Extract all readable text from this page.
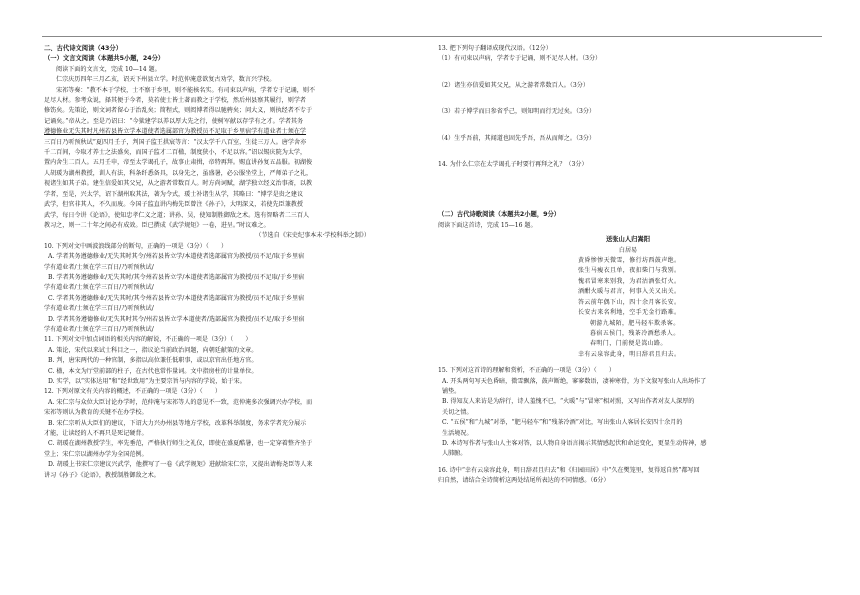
二、古代诗文阅读（43分）
（一）文言文阅读（本题共5小题，24分）
阅读下面的文言文，完成 10—14 题。
仁宗庆历四年三月乙亥，诏天下州县立学。时范仲淹意欲复古劝学，数言兴学校。
宋祁等奏：“教不本于学校，士不察于乡里，则不能核名实。有司束以声病，学者专于记诵，则不
足尽人材。参考众说，择其便于今者，莫若使士皆土著而教之于学校，然后州县察其履行，则学者
修饬矣。先策论，则文词者留心于治乱矣；简程式，则闳博者得以驰骋矣；问大义，则执经者不专于
记诵矣。”帝从之。至是乃诏曰：“今狱建学以养以厚大先之行，使树军献以存学有之才。学者其务
遵德修业无失其时凡州若县皆立学本道使者选属部官为教授员不足取于乡里宿学有道业者士须在学
三百日乃听预秋试”夏四月壬子，判国子监王拱宸等言：“汉太学千八百室，生徒三万人。唐学舍亦
千二百间，今取才养士之法盛矣，而国子监才二百楹，制度狭小，不足以容。”诏以锡庆院为太学，
置内舍生二百人。五月壬申，帝至太学谒孔子，故事止肃揖，帝特再拜。赐直讲孙复五品服。初湖俊
人胡瑗为湖州教授，训人有法，科条纤悉备具，以身先之，虽盛暑，必公服坐堂上，严师弟子之礼，
视诸生如其子弟。建生信爱如其父兄，从之游者常数百人。时方尚词赋，湖学独立经义治事斋，以教
学者，至是，兴太学，诏下湖州取其法，著为令式，瑗士补诸生从学，其略曰：“博学是贵之建议
武学，但官非其人，不久而废。今国子监直讲内梅先臣曾注《孙子》，大明深义，若使先臣兼教授
武学，每日令讲《论语》，使知忠孝仁义之道；讲孙、吴，使知制胜御敌之术。选有智略者二三百人
教习之，则一二十年之间必有成效。臣已撰成《武学规矩》一卷，进呈。”时议难之。
（节选自《宋史纪事本末·学校科举之制》）
10. 下列对文中画波浪线部分的断句，正确的一项是（3分）（　　）
A. 学者其务遵德修业/无失其时其令/州若县皆立学/本道使者选部属官为教授/员不足/取于乡里宿
学有道业者/士须在学三百日/乃听预秋试/
B. 学者其务遵德修业/无失其时/其令州若县皆立学/本道使者选部属官为教授/员不足取/于乡里宿
学有道业者/士须在学三百日/乃听预秋试/
C. 学者其务遵德修业/无失其时/其令州若县皆立学/本道使者选部属官为教授/员不足/取于乡里宿
学有道业者/士须在学三百日/乃听预秋试/
D. 学者其务遵德修业/无失其时其令/州若县皆立学本道使者/选部属官为教授/员不足/取于乡里宿
学有道业者/士须在学三百日/乃听预秋试/
11. 下列对文中加点词语的相关内容的解说，不正确的一项是（3分）（　　）
A. 策论，宋代以来试士科目之一，指议论当前政治问题，向朝廷献策的文章。
B. 判，唐宋两代的一种官制，多指以高位兼任低职事，或以京官出任地方官。
C. 楹，本文为厅堂前部的柱子，在古代也常作量词。文中指房柱的计量单位。
D. 实学，以“实体达用”和“经世致用”为主要宗旨与内容的学说，始于宋。
12. 下列对原文有关内容的概述，不正确的一项是（3分）（　　）
A. 宋仁宗与众位大臣讨论办学时，范仲淹与宋祁等人的意见不一致，范仲淹多次强调兴办学校，而
宋祁等则认为教育的关键不在办学校。
B. 宋仁宗听从大臣们的建议，下诏大力兴办州县等地方学校，改革科举制度，务求学者充分展示
才能，让读经的人不再只是死记硬背。
C. 胡瑗在湖州教授学生，率先垂范，严格执行师生之礼仪，即使在盛夏酷暑，也一定穿着整齐坐于
堂上；宋仁宗以湖州办学为全国范例。
D. 胡瑗上书宋仁宗建议兴武学，他撰写了一卷《武学规矩》进献给宋仁宗，又提出请梅尧臣等人来
讲习《孙子》《论语》，教授制胜御敌之术。
13. 把下列句子翻译成现代汉语。（12分）
（1）有司束以声病，学者专于记诵，则不足尽人材。（3分）
（2）诸生亦信爱如其父兄，从之游者常数百人。（3分）
（3）若子博学而日参省乎己，则知明而行无过矣。（3分）
（4）生乎吾前，其闻道也固先乎吾，吾从而师之。（3分）
14. 为什么仁宗在太学谒孔子时要行再拜之礼？（3分）
（二）古代诗歌阅读（本题共2小题，9分）
阅读下面这首诗，完成 15—16 题。
送张山人归嵩阳
白居易
黄昏惨惨天微雪，修行坊西鼓声绝。
张生马瘦衣且单，夜扣柴门与我别。
愧君冒寒来别我，为君沽酒张灯火。
酒酣火暖与君言，何事入关又出关。
答云前年偶下山，四十余月客长安。
长安古来名利地，空手无金行路难。
朝游九城陌，肥马轻车欺杀客。
暮宿五侯门，残茶冷酒愁杀人。
春明门，门前便是嵩山路。
幸有云泉容此身，明日辞君且归去。
15. 下列对这首诗的理解和赏析，不正确的一项是（3分）（　　）
A. 开头两句写天色昏暗，微雪飘落，鼓声断绝，寥寥数语，凄神寒骨，为下文叙写张山人出场作了
铺垫。
B. 得知友人来访是为辞行，诗人羞愧不已，“火暖”与“冒寒”相对照，又写出作者对友人深厚的
关切之情。
C. “五侯”和“九城”对举，“肥马轻车”和“残茶冷酒”对比，写出张山人客居长安四十余月的
生活境况。
D. 本诗写作者与张山人主客对答，以人物自身语言揭示其情感起伏和命运变化，更显生动传神，感
人肺腑。
16. 诗中“幸有云泉容此身，明日辞君且归去”和《归园田居》中“久在樊笼里，复得返自然”都写回
归自然，请结合全诗简析这两处结尾所表达的不同情感。（6分）
